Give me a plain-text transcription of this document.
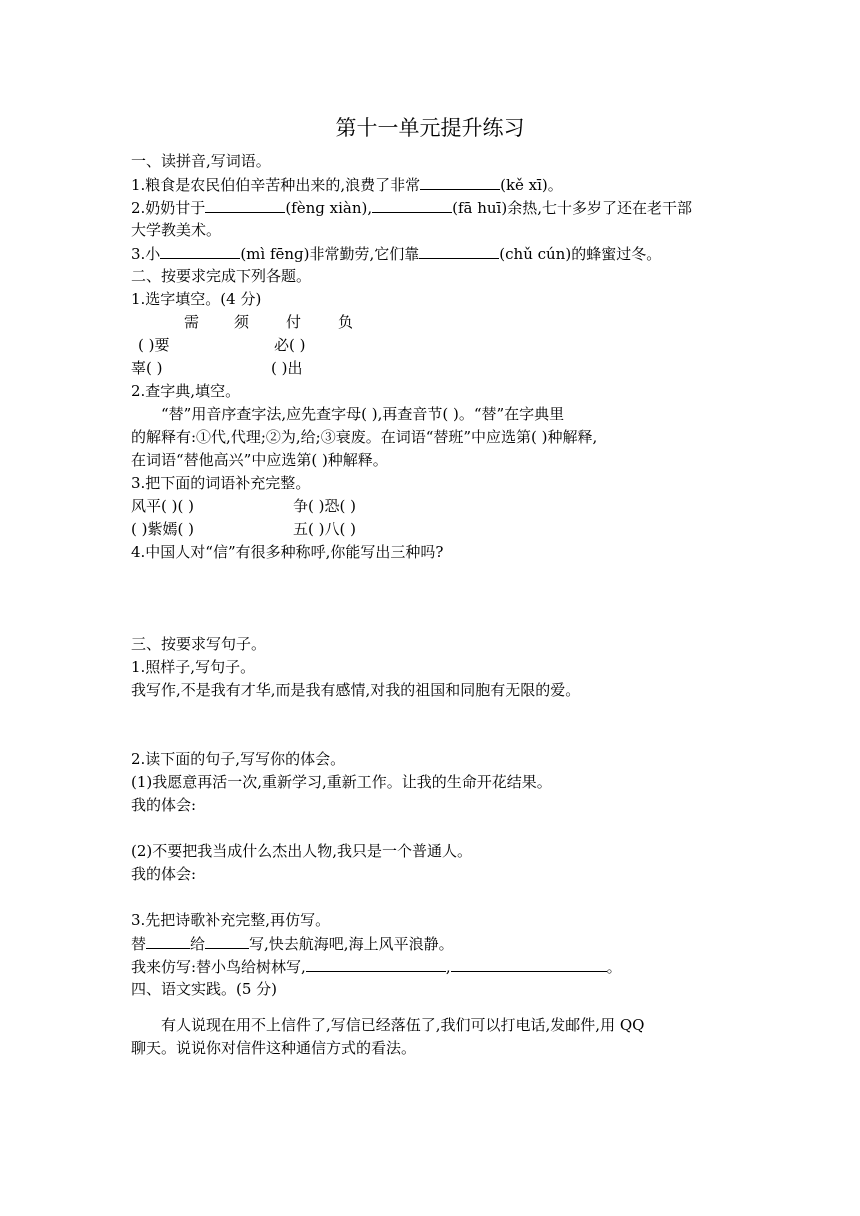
第十一单元提升练习
一、读拼音,写词语。
1.粮食是农民伯伯辛苦种出来的,浪费了非常	(kě xī)。
2.奶奶甘于	(fènɡ xiàn),	(fā huī)余热,七十多岁了还在老干部
大学教美术。
3.小	(mì fēnɡ)非常勤劳,它们靠	(chǔ cún)的蜂蜜过冬。
二、按要求完成下列各题。
1.选字填空。(4 分)
需 须 付 负
( )要	必( )
辜( )	( )出
2.查字典,填空。
“替”用音序查字法,应先查字母( ),再查音节( )。“替”在字典里
的解释有:①代,代理;②为,给;③衰废。在词语“替班”中应选第( )种解释,
在词语“替他高兴”中应选第( )种解释。
3.把下面的词语补充完整。
风平( )( )	争( )恐( )
( )紫嫣( )	五( )八( )
4.中国人对“信”有很多种称呼,你能写出三种吗?
三、按要求写句子。
1.照样子,写句子。
我写作,不是我有才华,而是我有感情,对我的祖国和同胞有无限的爱。
2.读下面的句子,写写你的体会。
(1)我愿意再活一次,重新学习,重新工作。让我的生命开花结果。
我的体会:
(2)不要把我当成什么杰出人物,我只是一个普通人。
我的体会:
3.先把诗歌补充完整,再仿写。
替	给	写,快去航海吧,海上风平浪静。
我来仿写:替小鸟给树林写,	,	。
四、语文实践。(5 分)
有人说现在用不上信件了,写信已经落伍了,我们可以打电话,发邮件,用 QQ
聊天。说说你对信件这种通信方式的看法。
